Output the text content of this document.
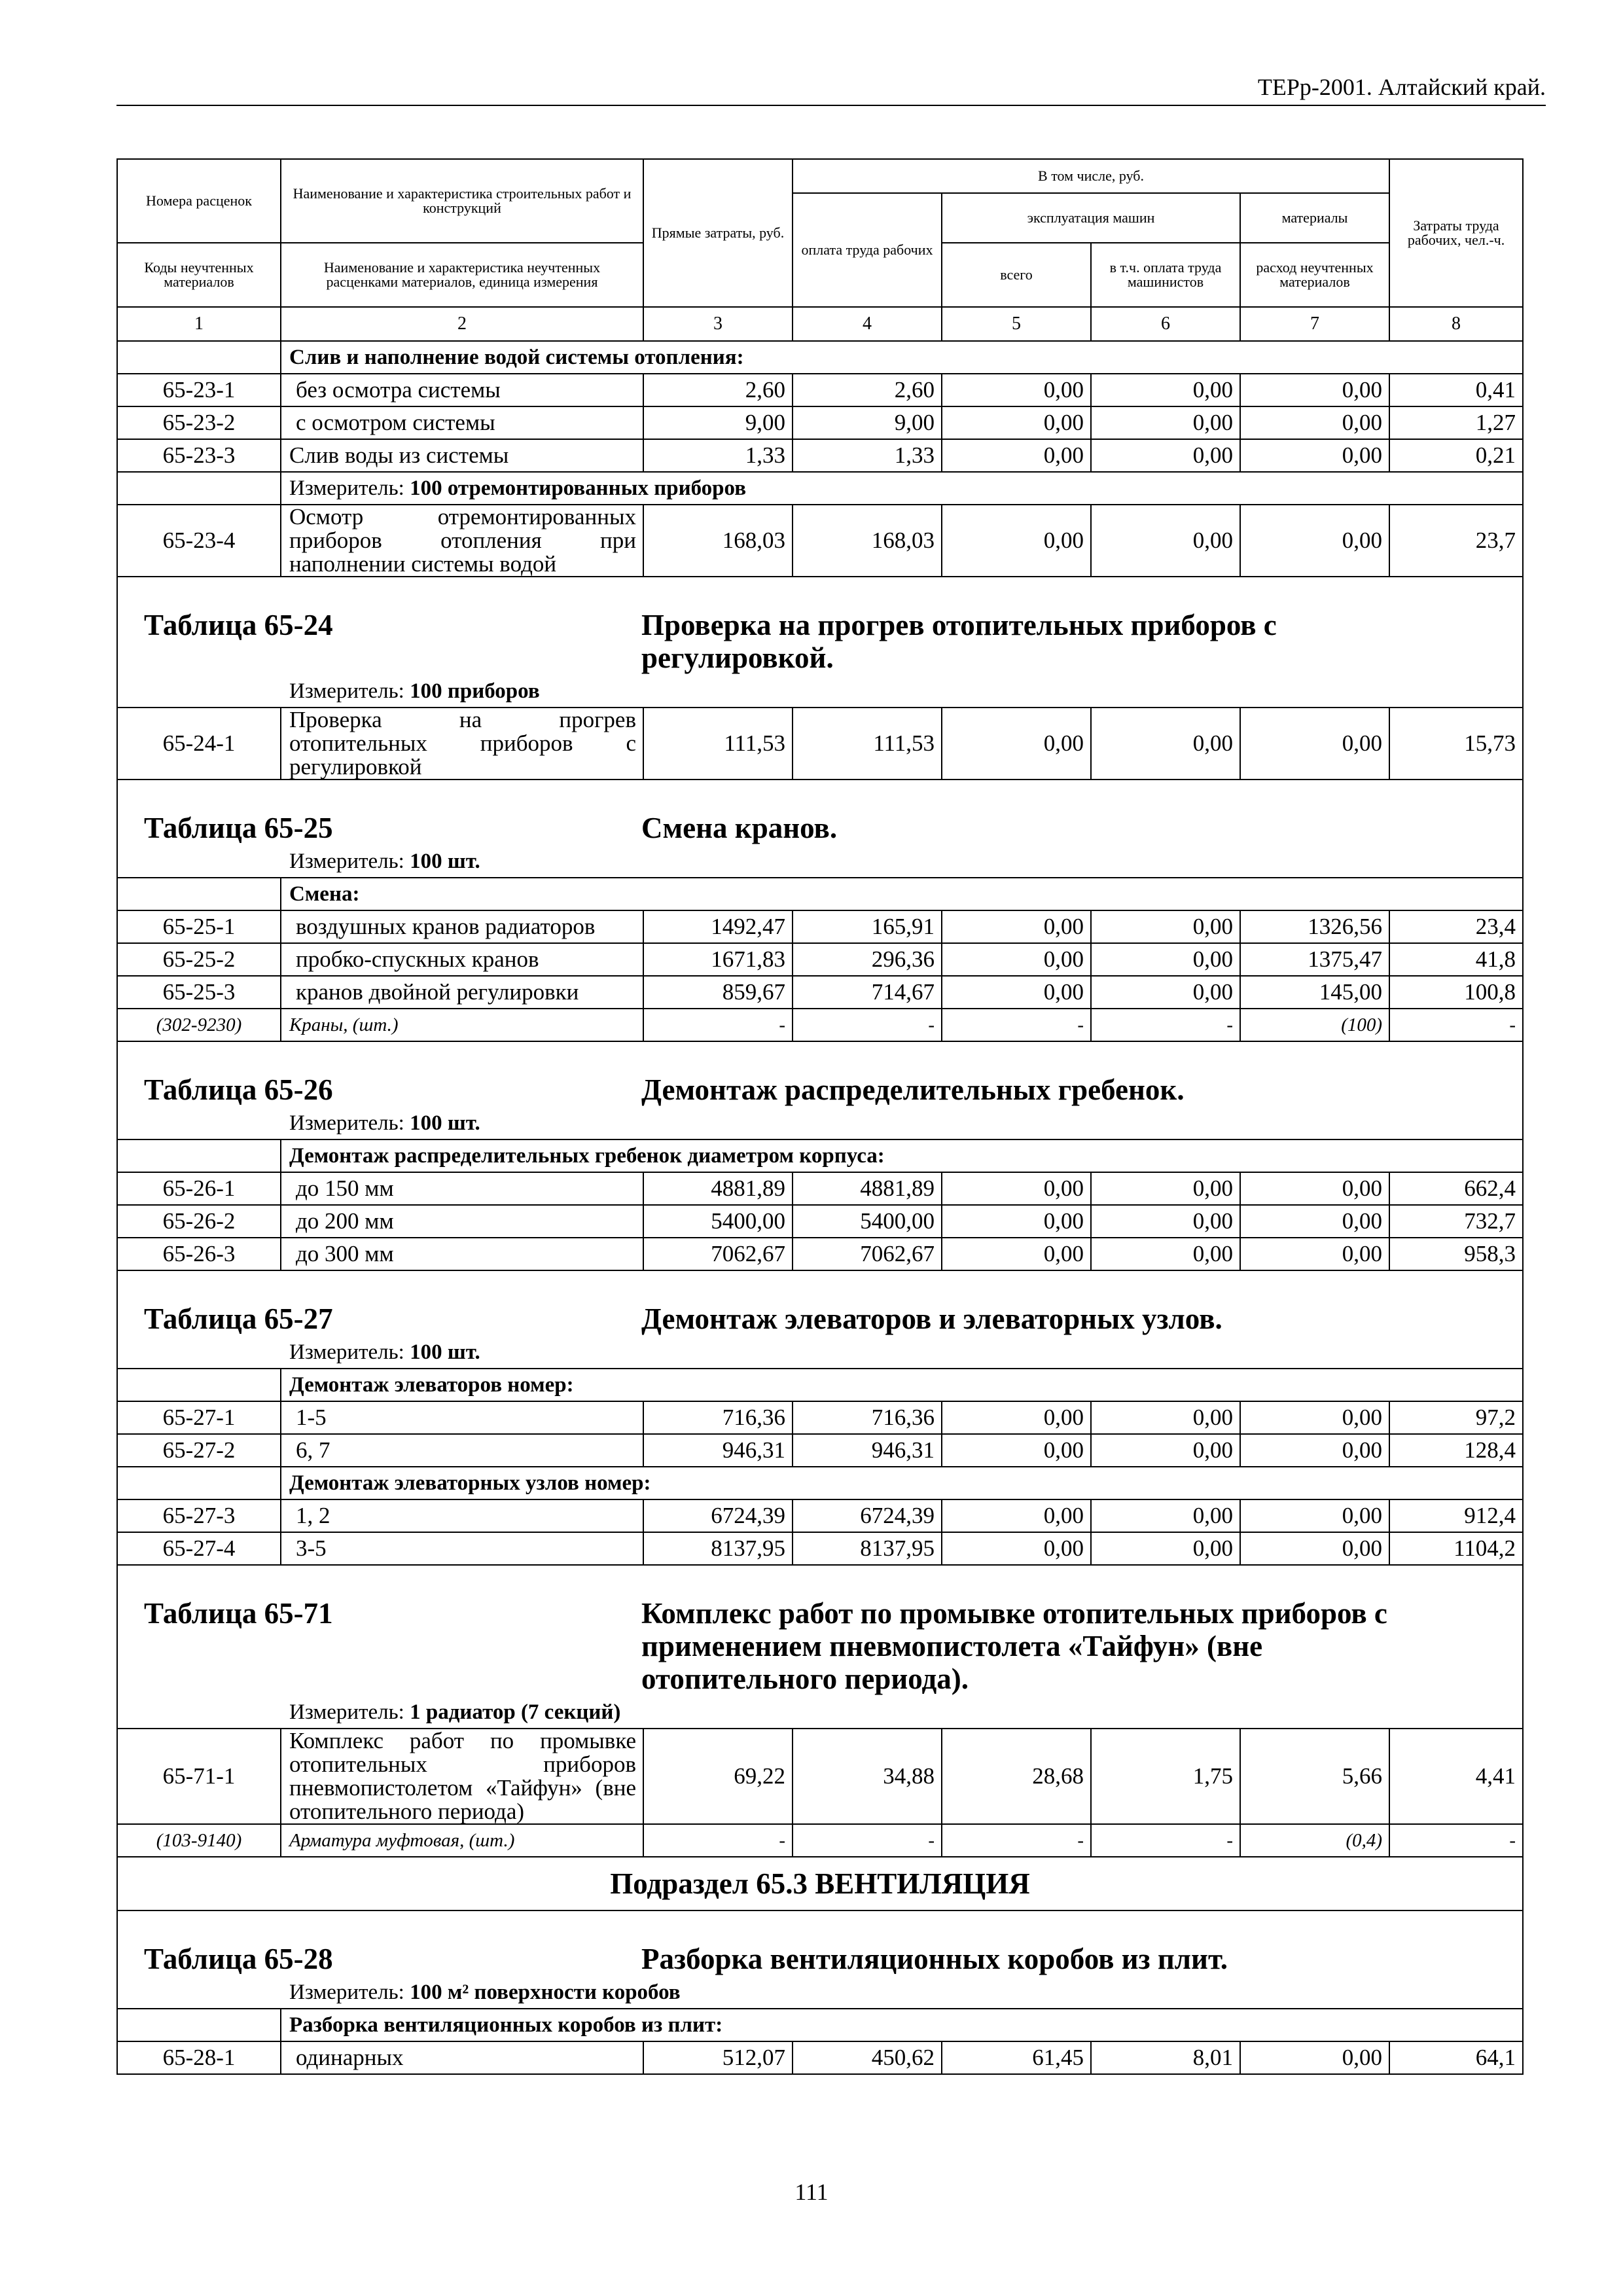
ТЕРр-2001. Алтайский край.
Номера расценок	Наименование и характеристика строительных работ и конструкций	Прямые затраты, руб.	В том числе, руб.				Затраты труда рабочих, чел.-ч.
			оплата труда рабочих	эксплуатация машин		материалы	
Коды неучтенных материалов	Наименование и характеристика неучтенных расценками материалов, единица измерения			всего	в т.ч. оплата труда машинистов	расход неучтенных материалов	
1	2	3	4	5	6	7	8
	Слив и наполнение водой системы отопления:						
65-23-1	без осмотра системы	2,60	2,60	0,00	0,00	0,00	0,41
65-23-2	с осмотром системы	9,00	9,00	0,00	0,00	0,00	1,27
65-23-3	Слив воды из системы	1,33	1,33	0,00	0,00	0,00	0,21
	Измеритель: 100 отремонтированных приборов						
65-23-4	Осмотр отремонтированных приборов отопления при наполнении системы водой	168,03	168,03	0,00	0,00	0,00	23,7

Таблица 65-24 Проверка на прогрев отопительных приборов с регулировкой.
Измеритель: 100 приборов							

65-24-1	Проверка на прогрев отопительных приборов с регулировкой	111,53	111,53	0,00	0,00	0,00	15,73

Таблица 65-25 Смена кранов.
Измеритель: 100 шт.							

	Смена:						
65-25-1	воздушных кранов радиаторов	1492,47	165,91	0,00	0,00	1326,56	23,4
65-25-2	пробко-спускных кранов	1671,83	296,36	0,00	0,00	1375,47	41,8
65-25-3	кранов двойной регулировки	859,67	714,67	0,00	0,00	145,00	100,8
(302-9230)	Краны, (шт.)	-	-	-	-	(100)	-

Таблица 65-26 Демонтаж распределительных гребенок.
Измеритель: 100 шт.							

	Демонтаж распределительных гребенок диаметром корпуса:						
65-26-1	до 150 мм	4881,89	4881,89	0,00	0,00	0,00	662,4
65-26-2	до 200 мм	5400,00	5400,00	0,00	0,00	0,00	732,7
65-26-3	до 300 мм	7062,67	7062,67	0,00	0,00	0,00	958,3

Таблица 65-27 Демонтаж элеваторов и элеваторных узлов.
Измеритель: 100 шт.							

	Демонтаж элеваторов номер:						
65-27-1	1-5	716,36	716,36	0,00	0,00	0,00	97,2
65-27-2	6, 7	946,31	946,31	0,00	0,00	0,00	128,4
	Демонтаж элеваторных узлов номер:						
65-27-3	1, 2	6724,39	6724,39	0,00	0,00	0,00	912,4
65-27-4	3-5	8137,95	8137,95	0,00	0,00	0,00	1104,2

Таблица 65-71 Комплекс работ по промывке отопительных приборов с применением пневмопистолета «Тайфун» (вне отопительного периода).
Измеритель: 1 радиатор (7 секций)							

65-71-1	Комплекс работ по промывке отопительных приборов пневмопистолетом «Тайфун» (вне отопительного периода)	69,22	34,88	28,68	1,75	5,66	4,41
(103-9140)	Арматура муфтовая, (шт.)	-	-	-	-	(0,4)	-
Подраздел 65.3 ВЕНТИЛЯЦИЯ							

Таблица 65-28 Разборка вентиляционных коробов из плит.
Измеритель: 100 м² поверхности коробов							

	Разборка вентиляционных коробов из плит:						
65-28-1	одинарных	512,07	450,62	61,45	8,01	0,00	64,1
111
